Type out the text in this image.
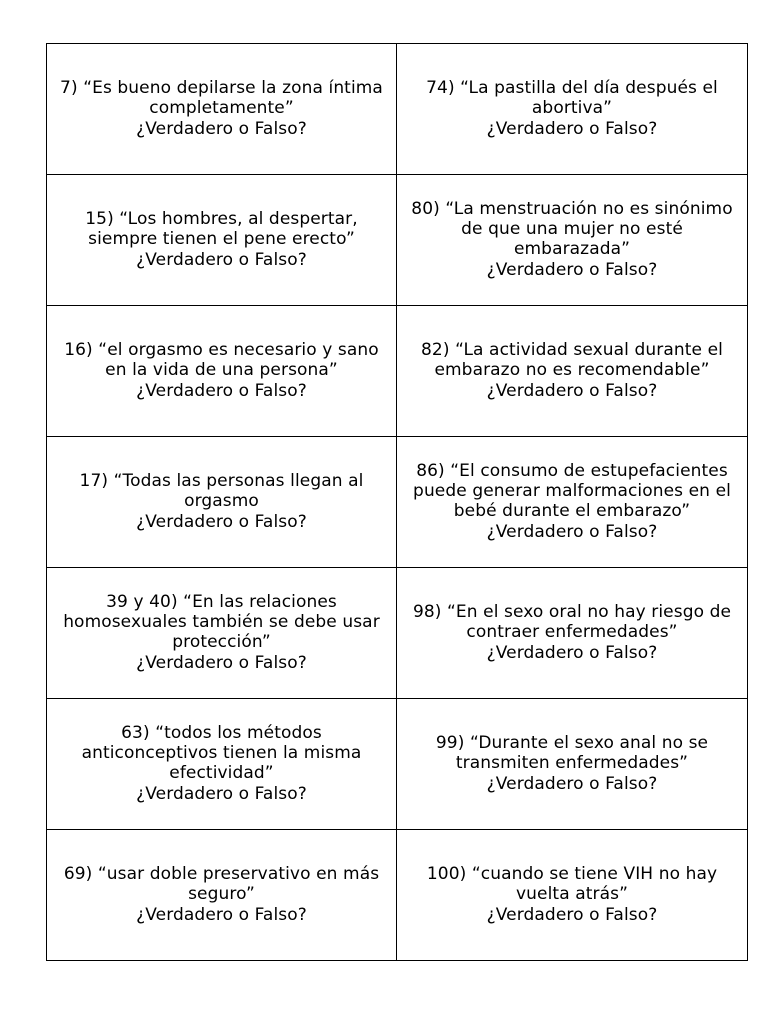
7) “Es bueno depilarse la zona íntima completamente”
¿Verdadero o Falso?	74) “La pastilla del día después el abortiva”
¿Verdadero o Falso?

15) “Los hombres, al despertar, siempre tienen el pene erecto”
¿Verdadero o Falso?	80) “La menstruación no es sinónimo de que una mujer no esté embarazada”
¿Verdadero o Falso?

16) “el orgasmo es necesario y sano en la vida de una persona”
¿Verdadero o Falso?	82) “La actividad sexual durante el embarazo no es recomendable”
¿Verdadero o Falso?

17) “Todas las personas llegan al orgasmo
¿Verdadero o Falso?	86) “El consumo de estupefacientes puede generar malformaciones en el bebé durante el embarazo”
¿Verdadero o Falso?

39 y 40) “En las relaciones homosexuales también se debe usar protección”
¿Verdadero o Falso?	98) “En el sexo oral no hay riesgo de contraer enfermedades”
¿Verdadero o Falso?

63) “todos los métodos anticonceptivos tienen la misma efectividad”
¿Verdadero o Falso?	99) “Durante el sexo anal no se transmiten enfermedades”
¿Verdadero o Falso?

69) “usar doble preservativo en más seguro”
¿Verdadero o Falso?	100) “cuando se tiene VIH no hay vuelta atrás”
¿Verdadero o Falso?
